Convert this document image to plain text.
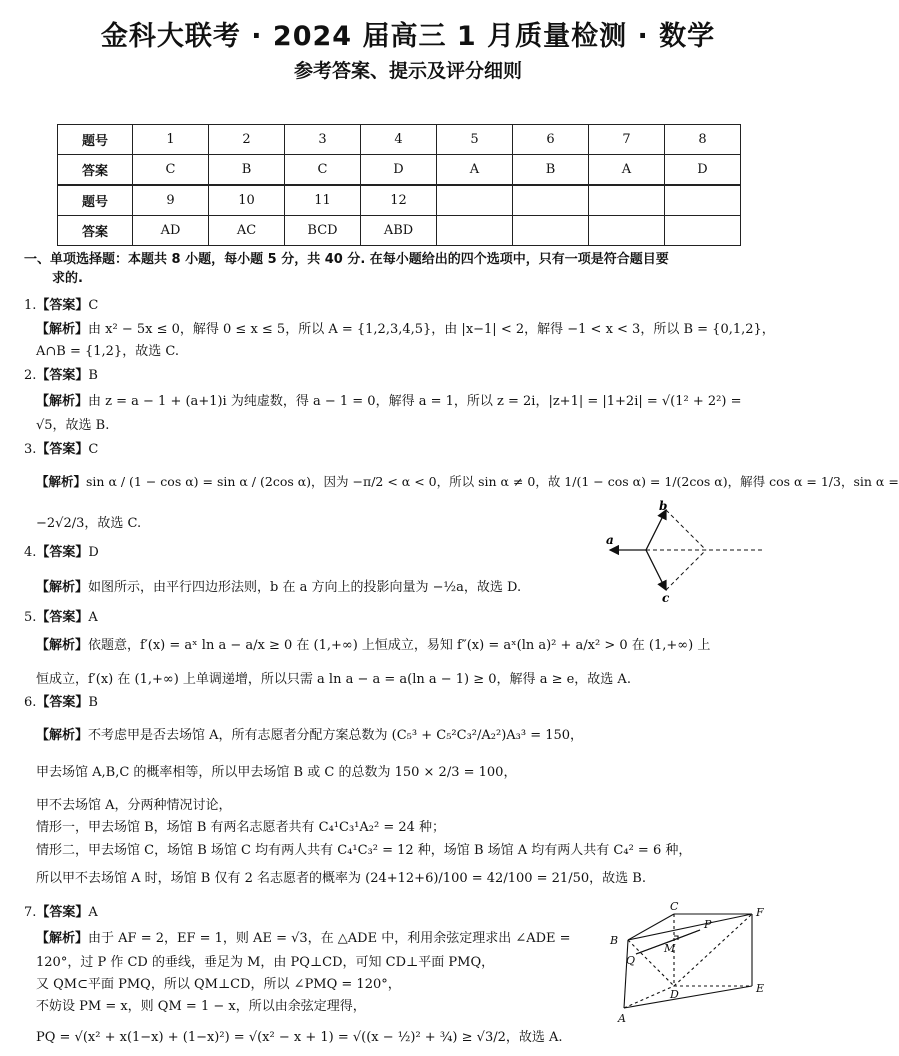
金科大联考 · 2024 届高三 1 月质量检测 · 数学
参考答案、提示及评分细则
题号	1	2	3	4	5	6	7	8
答案	C	B	C	D	A	B	A	D
题号	9	10	11	12				
答案	AD	AC	BCD	ABD				
一、单项选择题：本题共 8 小题，每小题 5 分，共 40 分. 在每小题给出的四个选项中，只有一项是符合题目要
求的.
1.【答案】C
【解析】由 x² − 5x ≤ 0，解得 0 ≤ x ≤ 5，所以 A = {1,2,3,4,5}，由 |x−1| < 2，解得 −1 < x < 3，所以 B = {0,1,2}，
A∩B = {1,2}，故选 C.
2.【答案】B
【解析】由 z = a − 1 + (a+1)i 为纯虚数，得 a − 1 = 0，解得 a = 1，所以 z = 2i，|z+1| = |1+2i| = √(1² + 2²) =
√5，故选 B.
3.【答案】C
【解析】sin α / (1 − cos α) = sin α / (2cos α)，因为 −π/2 < α < 0，所以 sin α ≠ 0，故 1/(1 − cos α) = 1/(2cos α)，解得 cos α = 1/3，sin α =
−2√2/3，故选 C.
4.【答案】D
【解析】如图所示，由平行四边形法则，b 在 a 方向上的投影向量为 −½a，故选 D.
a
b
c
5.【答案】A
【解析】依题意，f′(x) = aˣ ln a − a/x ≥ 0 在 (1,+∞) 上恒成立，易知 f″(x) = aˣ(ln a)² + a/x² > 0 在 (1,+∞) 上
恒成立，f′(x) 在 (1,+∞) 上单调递增，所以只需 a ln a − a = a(ln a − 1) ≥ 0，解得 a ≥ e，故选 A.
6.【答案】B
【解析】不考虑甲是否去场馆 A，所有志愿者分配方案总数为 (C₅³ + C₅²C₃²/A₂²)A₃³ = 150，
甲去场馆 A,B,C 的概率相等，所以甲去场馆 B 或 C 的总数为 150 × 2/3 = 100，
甲不去场馆 A，分两种情况讨论，
情形一，甲去场馆 B，场馆 B 有两名志愿者共有 C₄¹C₃¹A₂² = 24 种；
情形二，甲去场馆 C，场馆 B 场馆 C 均有两人共有 C₄¹C₃² = 12 种，场馆 B 场馆 A 均有两人共有 C₄² = 6 种，
所以甲不去场馆 A 时，场馆 B 仅有 2 名志愿者的概率为 (24+12+6)/100 = 42/100 = 21/50，故选 B.
7.【答案】A
【解析】由于 AF = 2，EF = 1，则 AE = √3，在 △ADE 中，利用余弦定理求出 ∠ADE =
120°，过 P 作 CD 的垂线，垂足为 M，由 PQ⊥CD，可知 CD⊥平面 PMQ，
又 QM⊂平面 PMQ，所以 QM⊥CD，所以 ∠PMQ = 120°，
不妨设 PM = x，则 QM = 1 − x，所以由余弦定理得，
PQ = √(x² + x(1−x) + (1−x)²) = √(x² − x + 1) = √((x − ½)² + ¾) ≥ √3/2，故选 A.
B
C	F
E
D
A
M
P
Q
